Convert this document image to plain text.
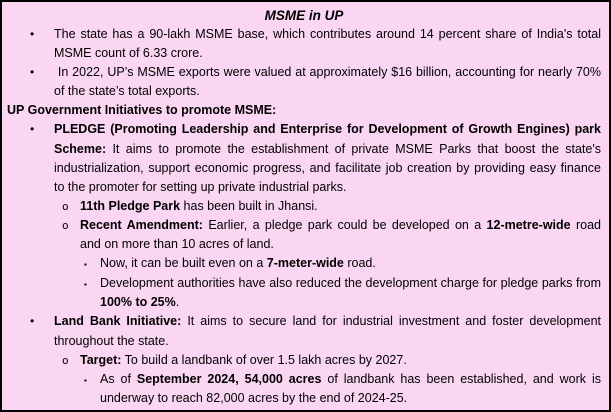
MSME in UP
•	The state has a 90-lakh MSME base, which contributes around 14 percent share of India's total MSME count of 6.33 crore.
•	In 2022, UP’s MSME exports were valued at approximately $16 billion, accounting for nearly 70% of the state’s total exports.
UP Government Initiatives to promote MSME:
•	PLEDGE (Promoting Leadership and Enterprise for Development of Growth Engines) park Scheme: It aims to promote the establishment of private MSME Parks that boost the state's industrialization, support economic progress, and facilitate job creation by providing easy finance to the promoter for setting up private industrial parks.
o 11th Pledge Park has been built in Jhansi.
o Recent Amendment: Earlier, a pledge park could be developed on a 12-metre-wide road and on more than 10 acres of land.
▪	Now, it can be built even on a 7-meter-wide road.
▪	Development authorities have also reduced the development charge for pledge parks from 100% to 25%.
•	Land Bank Initiative: It aims to secure land for industrial investment and foster development throughout the state.
o Target: To build a landbank of over 1.5 lakh acres by 2027.
▪	As of September 2024, 54,000 acres of landbank has been established, and work is underway to reach 82,000 acres by the end of 2024-25.
